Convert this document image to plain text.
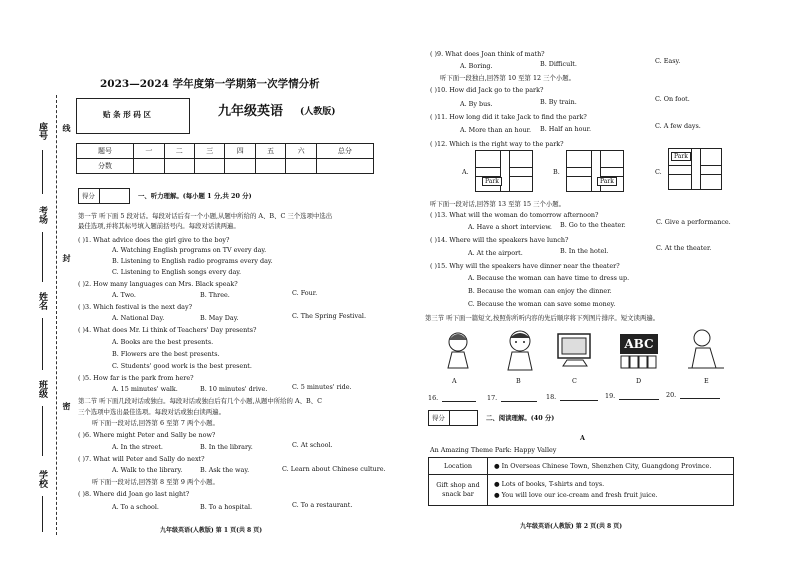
座号
考场
姓名
班级
学校
线
封
密
2023—2024 学年度第一学期第一次学情分析
贴 条 形 码 区	九年级英语 (人教版)
题号	一	二	三	四	五	六	总分
分数							
得分	一、听力理解。(每小题 1 分,共 20 分)
第一节 听下面 5 段对话。每段对话后有一个小题,从题中所给的 A、B、C 三个选项中选出
最佳选项,并将其标号填入题前括号内。每段对话读两遍。
( )1. What advice does the girl give to the boy?
A. Watching English programs on TV every day.
B. Listening to English radio programs every day.
C. Listening to English songs every day.
( )2. How many languages can Mrs. Black speak?
A. Two.	B. Three.	C. Four.
( )3. Which festival is the next day?
A. National Day.	B. May Day.	C. The Spring Festival.
( )4. What does Mr. Li think of Teachers' Day presents?
A. Books are the best presents.
B. Flowers are the best presents.
C. Students' good work is the best present.
( )5. How far is the park from here?
A. 15 minutes' walk.	B. 10 minutes' drive.	C. 5 minutes' ride.
第二节 听下面几段对话或独白。每段对话或独白后有几个小题,从题中所给的 A、B、C
三个选项中选出最佳选项。每段对话或独白读两遍。
听下面一段对话,回答第 6 至第 7 两个小题。
( )6. Where might Peter and Sally be now?
A. In the street.	B. In the library.	C. At school.
( )7. What will Peter and Sally do next?
A. Walk to the library.	B. Ask the way.	C. Learn about Chinese culture.
听下面一段对话,回答第 8 至第 9 两个小题。
( )8. Where did Joan go last night?
A. To a school.	B. To a hospital.	C. To a restaurant.
九年级英语(人教版) 第 1 页(共 8 页)
( )9. What does Joan think of math?
A. Boring.	B. Difficult.	C. Easy.
听下面一段独白,回答第 10 至第 12 三个小题。
( )10. How did Jack go to the park?
A. By bus.	B. By train.	C. On foot.
( )11. How long did it take Jack to find the park?
A. More than an hour. B. Half an hour.	C. A few days.
( )12. Which is the right way to the park?
A.
Park
B.
Park
C.
Park
听下面一段对话,回答第 13 至第 15 三个小题。
( )13. What will the woman do tomorrow afternoon?
A. Have a short interview. B. Go to the theater.	C. Give a performance.
( )14. Where will the speakers have lunch?
A. At the airport.	B. In the hotel.	C. At the theater.
( )15. Why will the speakers have dinner near the theater?
A. Because the woman can have time to dress up.
B. Because the woman can enjoy the dinner.
C. Because the woman can save some money.
第三节 听下面一篇短文,按照你所听内容的先后顺序将下列图片排序。短文读两遍。
ABC
A	B	C	D	E
16.	17.	18.	19.	20.
得分	二、阅读理解。(40 分)
A
An Amazing Theme Park: Happy Valley
Location	● In Overseas Chinese Town, Shenzhen City, Guangdong Province.
Gift shop and snack bar	● Lots of books, T-shirts and toys.
● You will love our ice-cream and fresh fruit juice.
九年级英语(人教版) 第 2 页(共 8 页)
